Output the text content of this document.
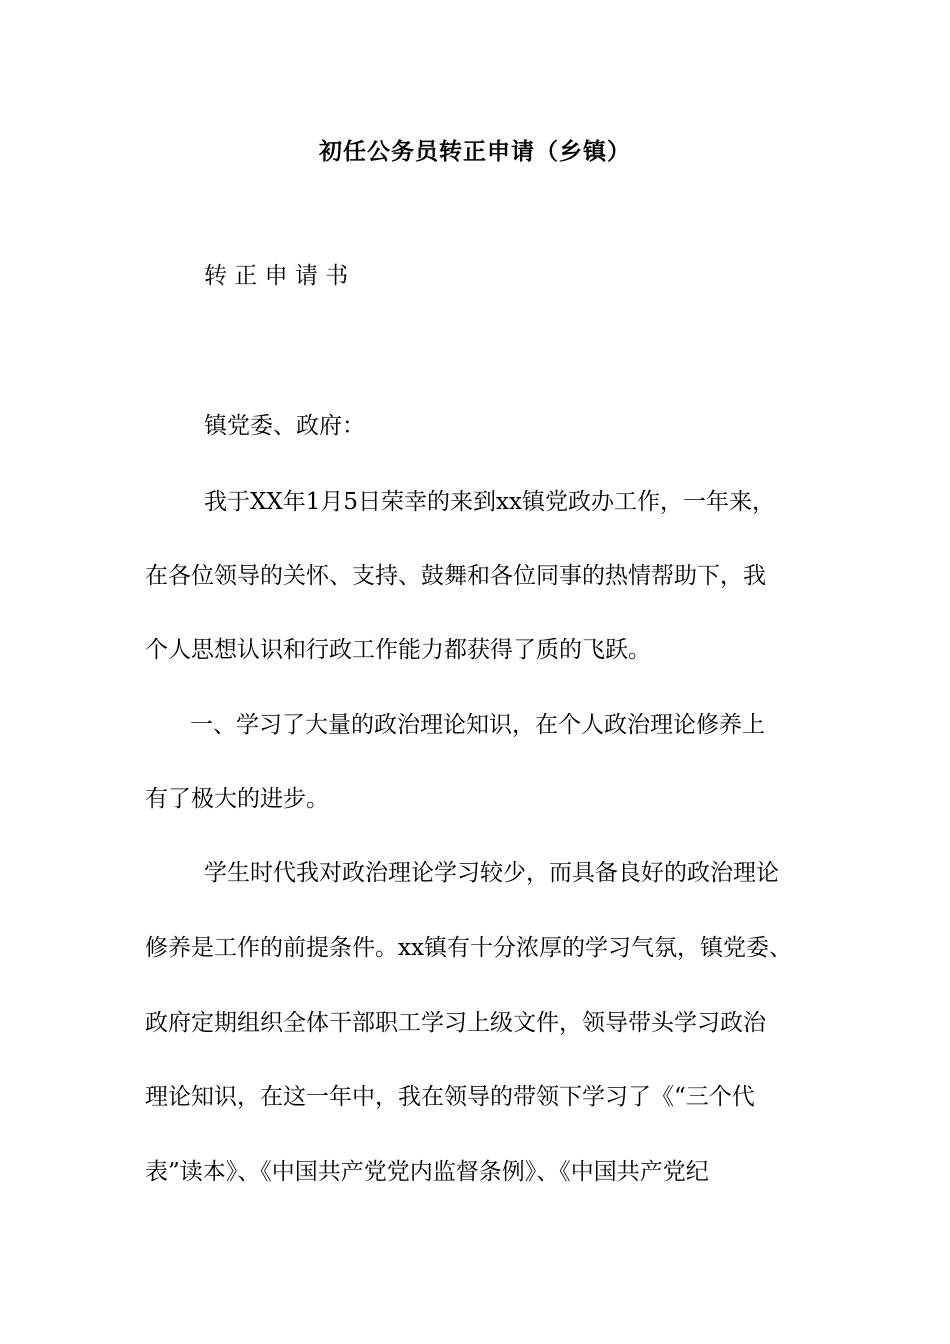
初任公务员转正申请（乡镇）
转 正 申 请 书
镇党委、政府：
我于XX年1月5日荣幸的来到xx镇党政办工作，一年来，
在各位领导的关怀、支持、鼓舞和各位同事的热情帮助下，我
个人思想认识和行政工作能力都获得了质的飞跃。
一、学习了大量的政治理论知识，在个人政治理论修养上
有了极大的进步。
学生时代我对政治理论学习较少，而具备良好的政治理论
修养是工作的前提条件。xx镇有十分浓厚的学习气氛，镇党委、
政府定期组织全体干部职工学习上级文件，领导带头学习政治
理论知识，在这一年中，我在领导的带领下学习了《“三个代
表”读本》、《中国共产党党内监督条例》、《中国共产党纪
